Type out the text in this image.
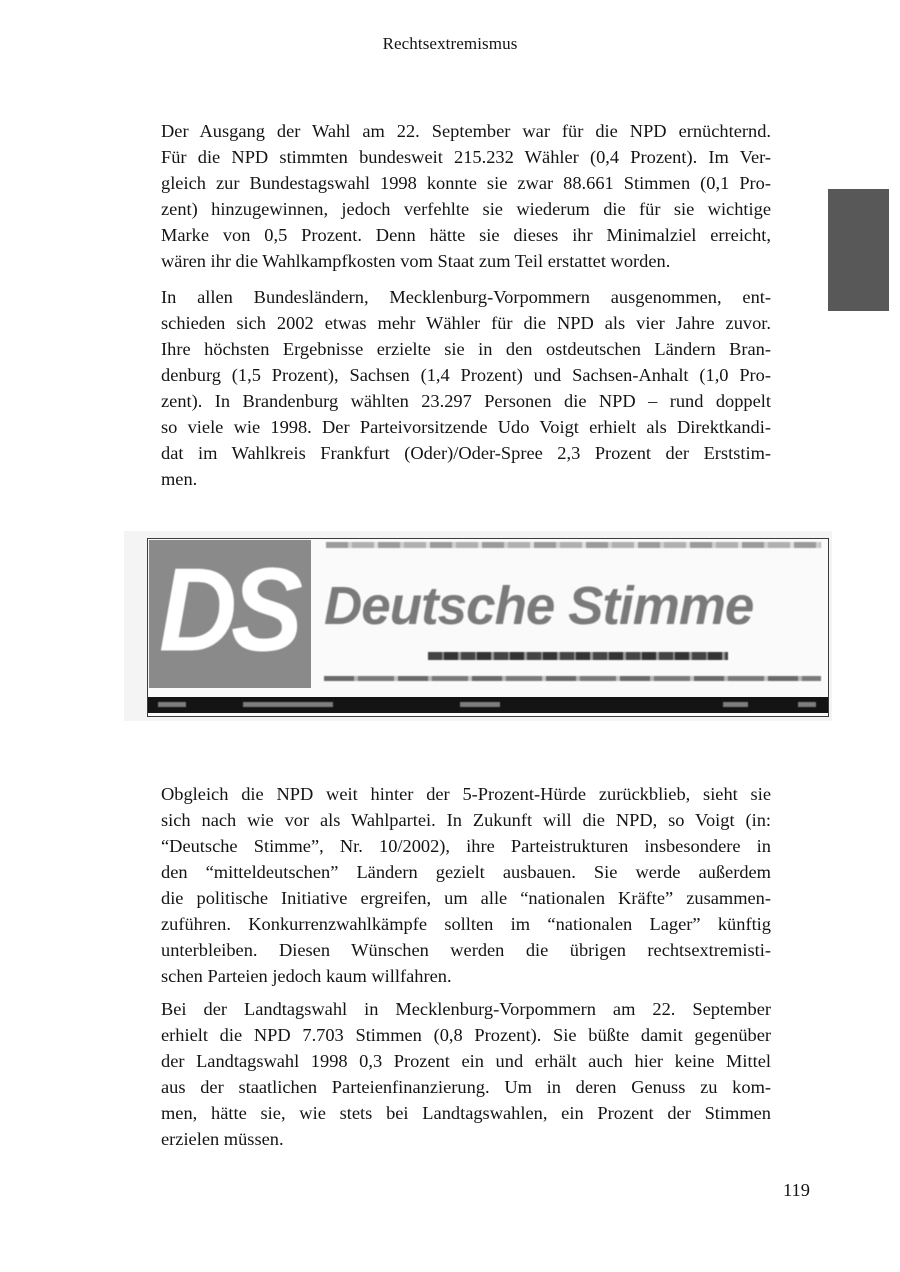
Rechtsextremismus
Der Ausgang der Wahl am 22. September war für die NPD ernüchternd.
Für die NPD stimmten bundesweit 215.232 Wähler (0,4 Prozent). Im Ver-
gleich zur Bundestagswahl 1998 konnte sie zwar 88.661 Stimmen (0,1 Pro-
zent) hinzugewinnen, jedoch verfehlte sie wiederum die für sie wichtige
Marke von 0,5 Prozent. Denn hätte sie dieses ihr Minimalziel erreicht,
wären ihr die Wahlkampfkosten vom Staat zum Teil erstattet worden.
In allen Bundesländern, Mecklenburg-Vorpommern ausgenommen, ent-
schieden sich 2002 etwas mehr Wähler für die NPD als vier Jahre zuvor.
Ihre höchsten Ergebnisse erzielte sie in den ostdeutschen Ländern Bran-
denburg (1,5 Prozent), Sachsen (1,4 Prozent) und Sachsen-Anhalt (1,0 Pro-
zent). In Brandenburg wählten 23.297 Personen die NPD – rund doppelt
so viele wie 1998. Der Parteivorsitzende Udo Voigt erhielt als Direktkandi-
dat im Wahlkreis Frankfurt (Oder)/Oder-Spree 2,3 Prozent der Erststim-
men.
DS Deutsche Stimme
Obgleich die NPD weit hinter der 5-Prozent-Hürde zurückblieb, sieht sie
sich nach wie vor als Wahlpartei. In Zukunft will die NPD, so Voigt (in:
“Deutsche Stimme”, Nr. 10/2002), ihre Parteistrukturen insbesondere in
den “mitteldeutschen” Ländern gezielt ausbauen. Sie werde außerdem
die politische Initiative ergreifen, um alle “nationalen Kräfte” zusammen-
zuführen. Konkurrenzwahlkämpfe sollten im “nationalen Lager” künftig
unterbleiben. Diesen Wünschen werden die übrigen rechtsextremisti-
schen Parteien jedoch kaum willfahren.
Bei der Landtagswahl in Mecklenburg-Vorpommern am 22. September
erhielt die NPD 7.703 Stimmen (0,8 Prozent). Sie büßte damit gegenüber
der Landtagswahl 1998 0,3 Prozent ein und erhält auch hier keine Mittel
aus der staatlichen Parteienfinanzierung. Um in deren Genuss zu kom-
men, hätte sie, wie stets bei Landtagswahlen, ein Prozent der Stimmen
erzielen müssen.
119
